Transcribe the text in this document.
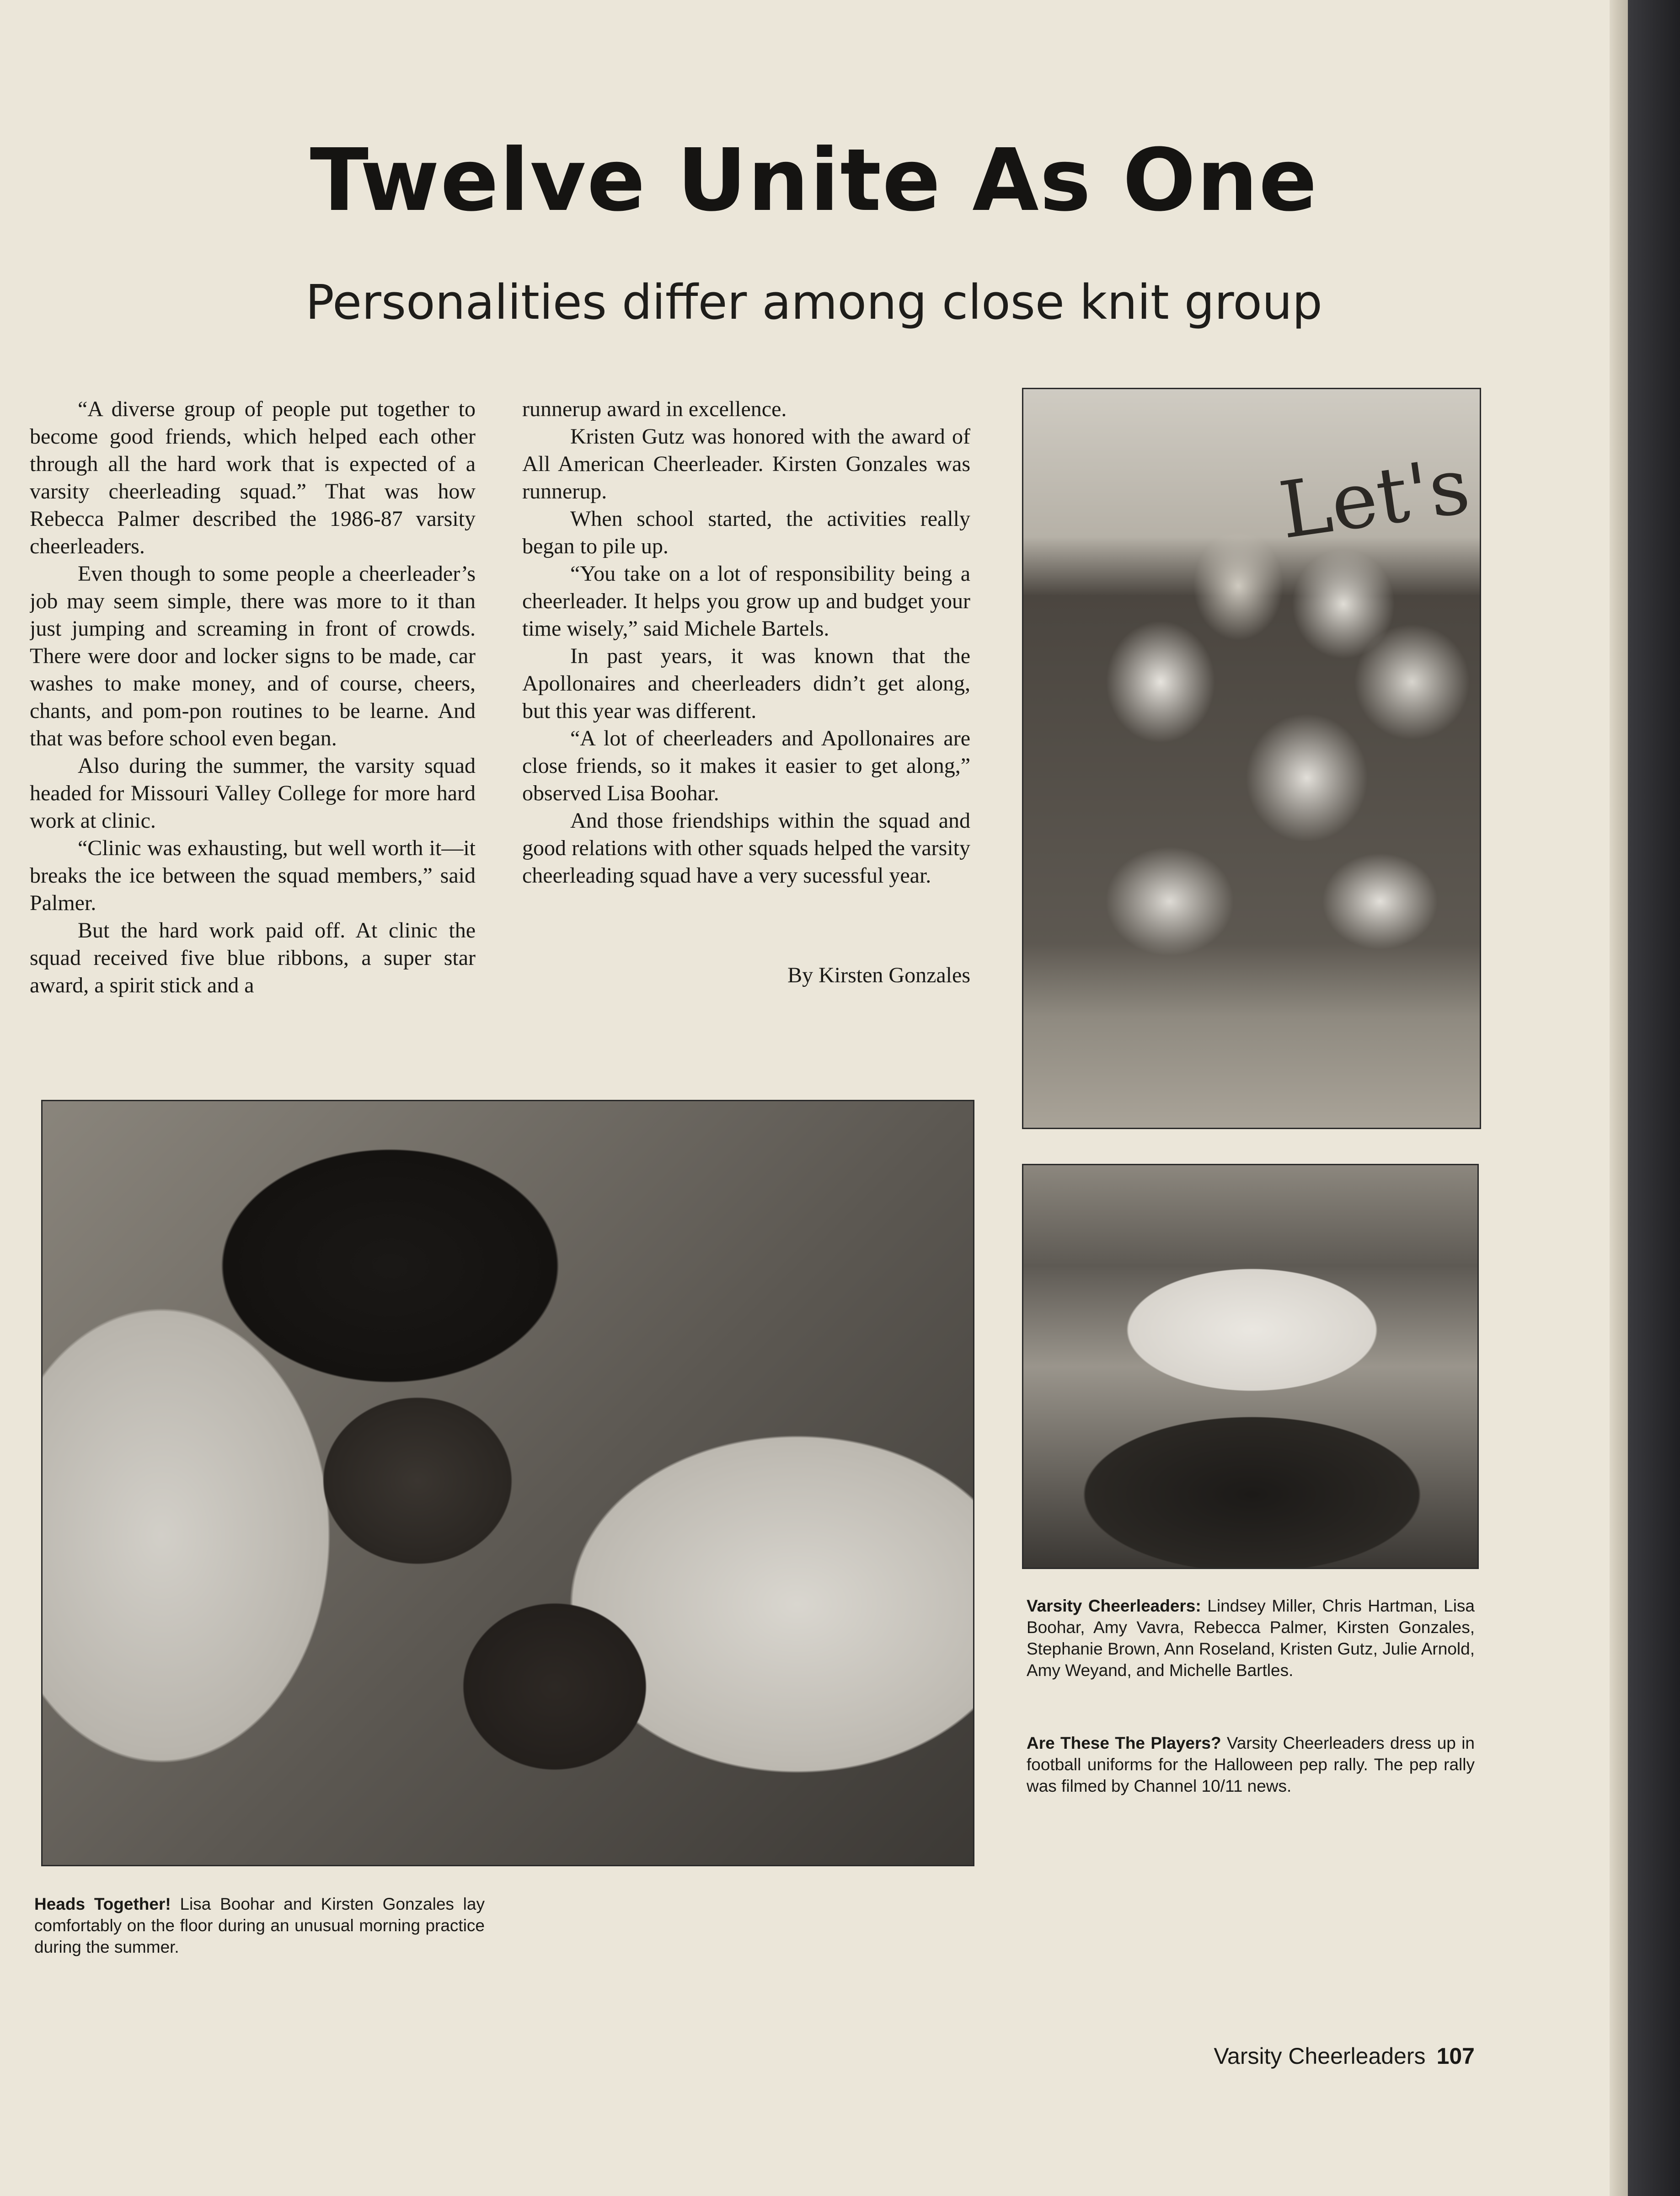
Twelve Unite As One
Personalities differ among close knit group

“A diverse group of people put together to become good friends, which helped each other through all the hard work that is expected of a varsity cheerleading squad.” That was how Rebecca Palmer described the 1986-87 varsity cheerleaders.

Even though to some people a cheerleader’s job may seem simple, there was more to it than just jumping and screaming in front of crowds. There were door and locker signs to be made, car washes to make money, and of course, cheers, chants, and pom-pon routines to be learne. And that was before school even began.

Also during the summer, the varsity squad headed for Missouri Valley College for more hard work at clinic.

“Clinic was exhausting, but well worth it—it breaks the ice between the squad members,” said Palmer.

But the hard work paid off. At clinic the squad received five blue ribbons, a super star award, a spirit stick and a

runnerup award in excellence.

Kristen Gutz was honored with the award of All American Cheerleader. Kirsten Gonzales was runnerup.

When school started, the activities really began to pile up.

“You take on a lot of responsibility being a cheerleader. It helps you grow up and budget your time wisely,” said Michele Bartels.

In past years, it was known that the Apollonaires and cheerleaders didn’t get along, but this year was different.

“A lot of cheerleaders and Apollonaires are close friends, so it makes it easier to get along,” observed Lisa Boohar.

And those friendships within the squad and good relations with other squads helped the varsity cheerleading squad have a very sucessful year.

By Kirsten Gonzales
Let's
Varsity Cheerleaders: Lindsey Miller, Chris Hartman, Lisa Boohar, Amy Vavra, Rebecca Palmer, Kirsten Gonzales, Stephanie Brown, Ann Roseland, Kristen Gutz, Julie Arnold, Amy Weyand, and Michelle Bartles.
Are These The Players? Varsity Cheerleaders dress up in football uniforms for the Halloween pep rally. The pep rally was filmed by Channel 10/11 news.
Heads Together! Lisa Boohar and Kirsten Gonzales lay comfortably on the floor during an unusual morning practice during the summer.
Varsity Cheerleaders 107
